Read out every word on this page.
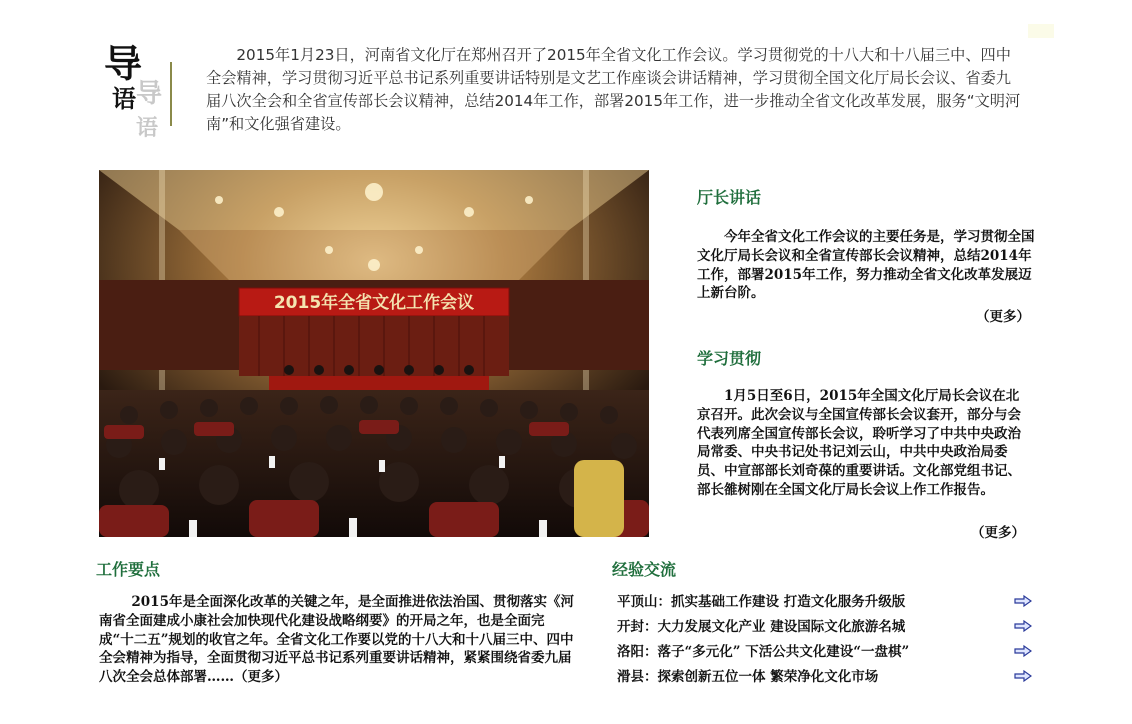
导
语
导
语

2015年1月23日，河南省文化厅在郑州召开了2015年全省文化工作会议。学习贯彻党的十八大和十八届三中、四中全会精神，学习贯彻习近平总书记系列重要讲话特别是文艺工作座谈会讲话精神，学习贯彻全国文化厅局长会议、省委九届八次全会和全省宣传部长会议精神，总结2014年工作，部署2015年工作，进一步推动全省文化改革发展，服务“文明河南”和文化强省建设。

2015年全省文化工作会议
厅长讲话

今年全省文化工作会议的主要任务是，学习贯彻全国文化厅局长会议和全省宣传部长会议精神，总结2014年工作，部署2015年工作，努力推动全省文化改革发展迈上新台阶。

（更多）
学习贯彻

1月5日至6日，2015年全国文化厅局长会议在北京召开。此次会议与全国宣传部长会议套开，部分与会代表列席全国宣传部长会议，聆听学习了中共中央政治局常委、中央书记处书记刘云山，中共中央政治局委员、中宣部部长刘奇葆的重要讲话。文化部党组书记、部长雒树刚在全国文化厅局长会议上作工作报告。

（更多）
工作要点

2015年是全面深化改革的关键之年，是全面推进依法治国、贯彻落实《河南省全面建成小康社会加快现代化建设战略纲要》的开局之年，也是全面完成“十二五”规划的收官之年。全省文化工作要以党的十八大和十八届三中、四中全会精神为指导，全面贯彻习近平总书记系列重要讲话精神，紧紧围绕省委九届八次全会总体部署……（更多）

经验交流
平顶山：抓实基础工作建设 打造文化服务升级版
开封：大力发展文化产业 建设国际文化旅游名城
洛阳：落子“多元化” 下活公共文化建设“一盘棋”
滑县：探索创新五位一体 繁荣净化文化市场
